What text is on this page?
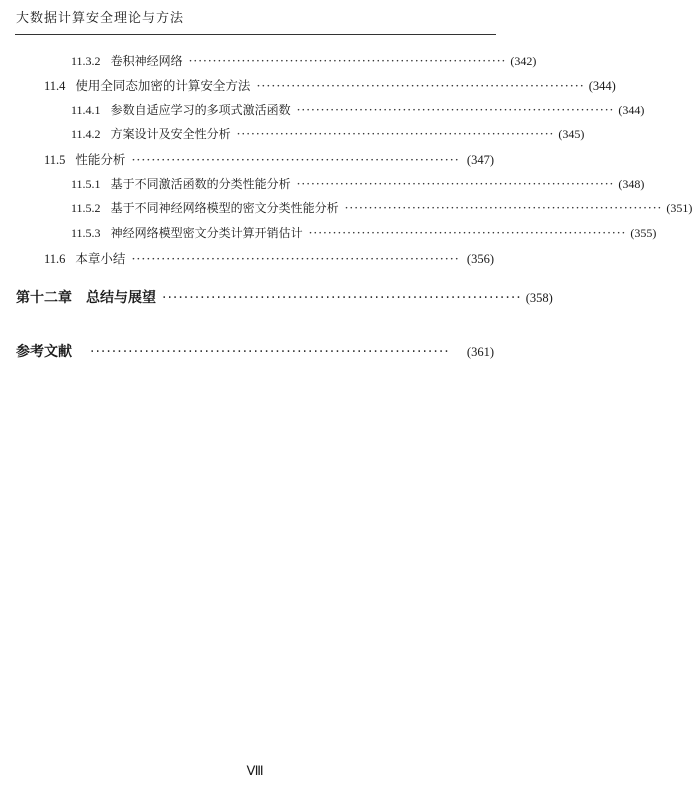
大数据计算安全理论与方法
11.3.2 卷积神经网络 ·································································· (342)
11.4 使用全同态加密的计算安全方法 ·································································· (344)
11.4.1 参数自适应学习的多项式激活函数 ·································································· (344)
11.4.2 方案设计及安全性分析 ·································································· (345)
11.5 性能分析 ·································································· (347)
11.5.1 基于不同激活函数的分类性能分析 ·································································· (348)
11.5.2 基于不同神经网络模型的密文分类性能分析 ·································································· (351)
11.5.3 神经网络模型密文分类计算开销估计 ·································································· (355)
11.6 本章小结 ·································································· (356)
第十二章 总结与展望 ·································································· (358)
参考文献 ··································································	(361)
Ⅷ
